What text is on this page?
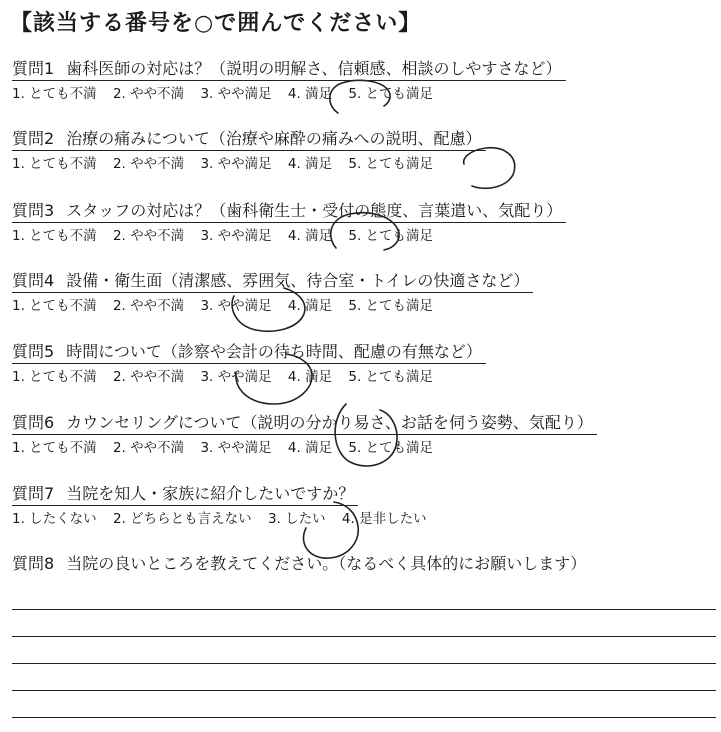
【該当する番号を○で囲んでください】
質問1 歯科医師の対応は？（説明の明解さ、信頼感、相談のしやすさなど）
1. とても不満 2. やや不満 3. やや満足 4. 満足 5. とても満足
質問2 治療の痛みについて（治療や麻酔の痛みへの説明、配慮）
1. とても不満 2. やや不満 3. やや満足 4. 満足 5. とても満足
質問3 スタッフの対応は？（歯科衛生士・受付の態度、言葉遣い、気配り）
1. とても不満 2. やや不満 3. やや満足 4. 満足 5. とても満足
質問4 設備・衛生面（清潔感、雰囲気、待合室・トイレの快適さなど）
1. とても不満 2. やや不満 3. やや満足 4. 満足 5. とても満足
質問5 時間について（診察や会計の待ち時間、配慮の有無など）
1. とても不満 2. やや不満 3. やや満足 4. 満足 5. とても満足
質問6 カウンセリングについて（説明の分かり易さ、お話を伺う姿勢、気配り）
1. とても不満 2. やや不満 3. やや満足 4. 満足 5. とても満足
質問7 当院を知人・家族に紹介したいですか？
1. したくない 2. どちらとも言えない 3. したい 4. 是非したい
質問8 当院の良いところを教えてください。（なるべく具体的にお願いします）
